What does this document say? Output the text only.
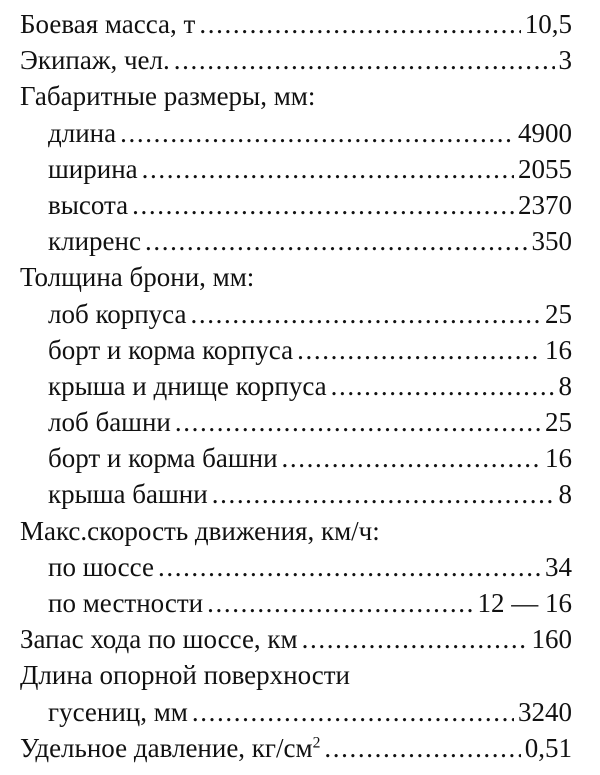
Боевая масса, т .....	10,5
Экипаж, чел. .....	3
Габаритные размеры, мм:
длина .....	4900
ширина .....	2055
высота .....	2370
клиренс .....	350
Толщина брони, мм:
лоб корпуса .....	25
борт и корма корпуса .....	16
крыша и днище корпуса .....	8
лоб башни .....	25
борт и корма башни .....	16
крыша башни .....	8
Макс.скорость движения, км/ч:
по шоссе .....	34
по местности .....	12 — 16
Запас хода по шоссе, км .....	160
Длина опорной поверхности
гусениц, мм .....	3240
Удельное давление, $кг/см^2$ .....	0,51
